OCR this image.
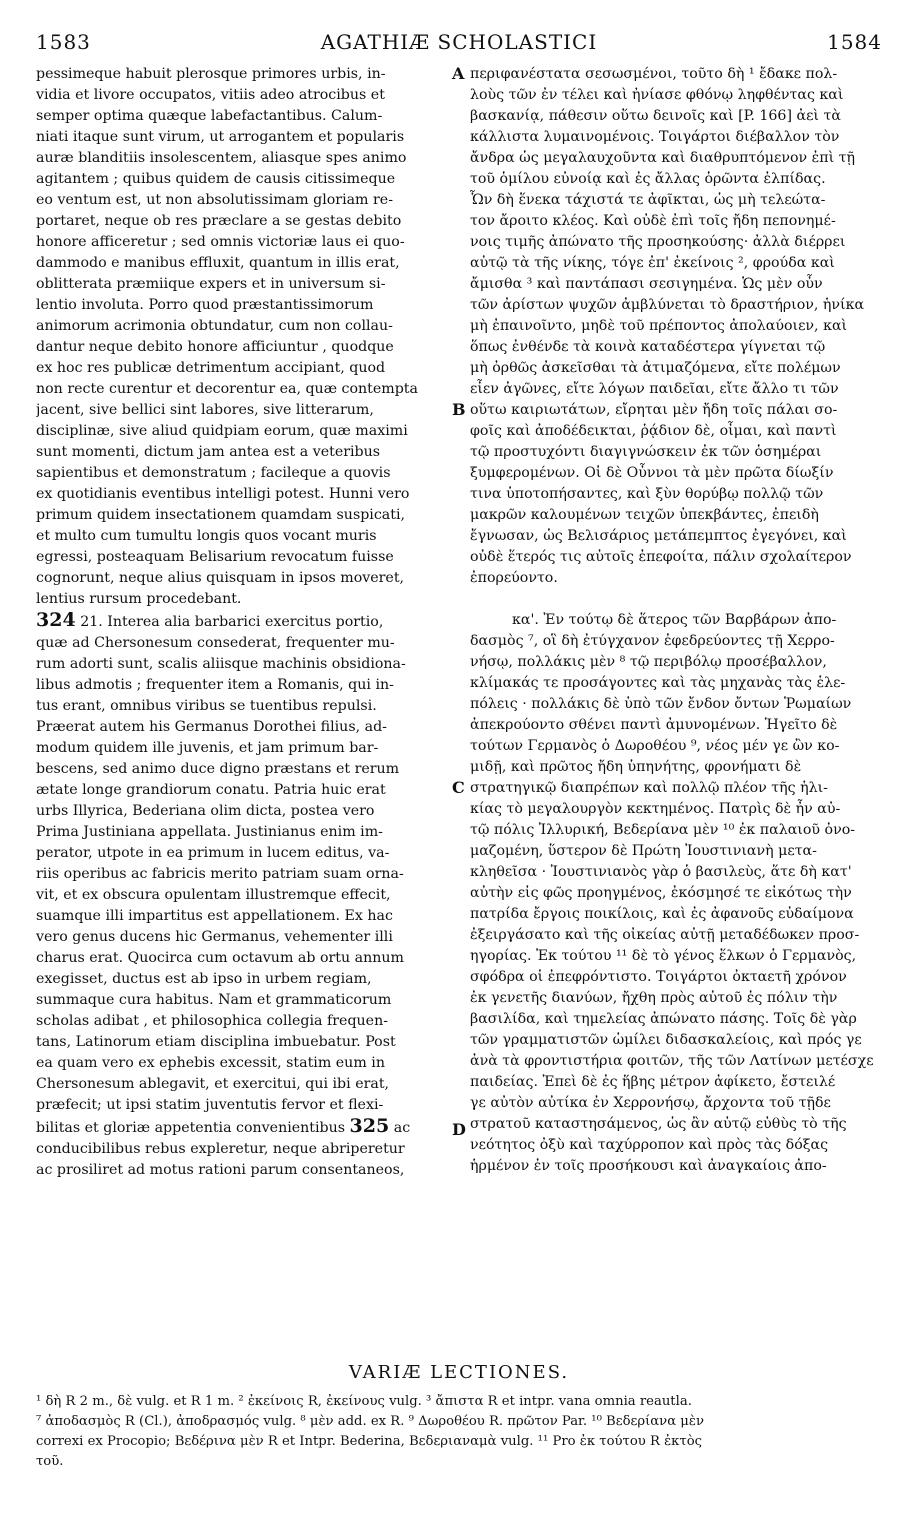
1583	AGATHIÆ SCHOLASTICI	1584
A
B
C
D
pessimeque habuit plerosque primores urbis, in-
vidia et livore occupatos, vitiis adeo atrocibus et
semper optima quæque labefactantibus. Calum-
niati itaque sunt virum, ut arrogantem et popularis
auræ blanditiis insolescentem, aliasque spes animo
agitantem ; quibus quidem de causis citissimeque
eo ventum est, ut non absolutissimam gloriam re-
portaret, neque ob res præclare a se gestas debito
honore afficeretur ; sed omnis victoriæ laus ei quo-
dammodo e manibus effluxit, quantum in illis erat,
oblitterata præmiique expers et in universum si-
lentio involuta. Porro quod præstantissimorum
animorum acrimonia obtundatur, cum non collau-
dantur neque debito honore afficiuntur , quodque
ex hoc res publicæ detrimentum accipiant, quod
non recte curentur et decorentur ea, quæ contempta
jacent, sive bellici sint labores, sive litterarum,
disciplinæ, sive aliud quidpiam eorum, quæ maximi
sunt momenti, dictum jam antea est a veteribus
sapientibus et demonstratum ; facileque a quovis
ex quotidianis eventibus intelligi potest. Hunni vero
primum quidem insectationem quamdam suspicati,
et multo cum tumultu longis quos vocant muris
egressi, posteaquam Belisarium revocatum fuisse
cognorunt, neque alius quisquam in ipsos moveret,
lentius rursum procedebant.
324 21. Interea alia barbarici exercitus portio,
quæ ad Chersonesum consederat, frequenter mu-
rum adorti sunt, scalis aliisque machinis obsidiona-
libus admotis ; frequenter item a Romanis, qui in-
tus erant, omnibus viribus se tuentibus repulsi.
Præerat autem his Germanus Dorothei filius, ad-
modum quidem ille juvenis, et jam primum bar-
bescens, sed animo duce digno præstans et rerum
ætate longe grandiorum conatu. Patria huic erat
urbs Illyrica, Bederiana olim dicta, postea vero
Prima Justiniana appellata. Justinianus enim im-
perator, utpote in ea primum in lucem editus, va-
riis operibus ac fabricis merito patriam suam orna-
vit, et ex obscura opulentam illustremque effecit,
suamque illi impartitus est appellationem. Ex hac
vero genus ducens hic Germanus, vehementer illi
charus erat. Quocirca cum octavum ab ortu annum
exegisset, ductus est ab ipso in urbem regiam,
summaque cura habitus. Nam et grammaticorum
scholas adibat , et philosophica collegia frequen-
tans, Latinorum etiam disciplina imbuebatur. Post
ea quam vero ex ephebis excessit, statim eum in
Chersonesum ablegavit, et exercitui, qui ibi erat,
præfecit; ut ipsi statim juventutis fervor et flexi-
bilitas et gloriæ appetentia convenientibus 325 ac
conducibilibus rebus expleretur, neque abriperetur
ac prosiliret ad motus rationi parum consentaneos,
περιφανέστατα σεσωσμένοι, τοῦτο δὴ ¹ ἔδακε πολ-
λοὺς τῶν ἐν τέλει καὶ ἠνίασε φθόνῳ ληφθέντας καὶ
βασκανίᾳ, πάθεσιν οὕτω δεινοῖς καὶ [P. 166] ἀεὶ τὰ
κάλλιστα λυμαινομένοις. Τοιγάρτοι διέβαλλον τὸν
ἄνδρα ὡς μεγαλαυχοῦντα καὶ διαθρυπτόμενον ἐπὶ τῇ
τοῦ ὁμίλου εὐνοίᾳ καὶ ἐς ἄλλας ὁρῶντα ἐλπίδας.
Ὧν δὴ ἕνεκα τάχιστά τε ἀφῖκται, ὡς μὴ τελεώτα-
τον ἄροιτο κλέος. Καὶ οὐδὲ ἐπὶ τοῖς ἤδη πεπονημέ-
νοις τιμῆς ἀπώνατο τῆς προσηκούσης· ἀλλὰ διέρρει
αὐτῷ τὰ τῆς νίκης, τόγε ἐπ' ἐκείνοις ², φρούδα καὶ
ἄμισθα ³ καὶ παντάπασι σεσιγημένα. Ὡς μὲν οὖν
τῶν ἀρίστων ψυχῶν ἀμβλύνεται τὸ δραστήριον, ἡνίκα
μὴ ἐπαινοῖντο, μηδὲ τοῦ πρέποντος ἀπολαύοιεν, καὶ
ὅπως ἐνθένδε τὰ κοινὰ καταδέστερα γίγνεται τῷ
μὴ ὀρθῶς ἀσκεῖσθαι τὰ ἀτιμαζόμενα, εἴτε πολέμων
εἶεν ἀγῶνες, εἴτε λόγων παιδεῖαι, εἴτε ἄλλο τι τῶν
οὕτω καιριωτάτων, εἴρηται μὲν ἤδη τοῖς πάλαι σο-
φοῖς καὶ ἀποδέδεικται, ῥᾴδιον δὲ, οἶμαι, καὶ παντὶ
τῷ προστυχόντι διαγιγνώσκειν ἐκ τῶν ὁσημέραι
ξυμφερομένων. Οἱ δὲ Οὖννοι τὰ μὲν πρῶτα δίωξίν
τινα ὑποτοπήσαντες, καὶ ξὺν θορύβῳ πολλῷ τῶν
μακρῶν καλουμένων τειχῶν ὑπεκβάντες, ἐπειδὴ
ἔγνωσαν, ὡς Βελισάριος μετάπεμπτος ἐγεγόνει, καὶ
οὐδὲ ἕτερός τις αὐτοῖς ἐπεφοίτα, πάλιν σχολαίτερον
ἐπορεύοντο.
κα'. Ἐν τούτῳ δὲ ἅτερος τῶν Βαρβάρων ἀπο-
δασμὸς ⁷, οἳ δὴ ἐτύγχανον ἐφεδρεύοντες τῇ Χερρο-
νήσῳ, πολλάκις μὲν ⁸ τῷ περιβόλῳ προσέβαλλον,
κλίμακάς τε προσάγοντες καὶ τὰς μηχανὰς τὰς ἑλε-
πόλεις · πολλάκις δὲ ὑπὸ τῶν ἔνδον ὄντων Ῥωμαίων
ἀπεκρούοντο σθένει παντὶ ἀμυνομένων. Ἡγεῖτο δὲ
τούτων Γερμανὸς ὁ Δωροθέου ⁹, νέος μέν γε ὢν κο-
μιδῇ, καὶ πρῶτος ἤδη ὑπηνήτης, φρονήματι δὲ
στρατηγικῷ διαπρέπων καὶ πολλῷ πλέον τῆς ἡλι-
κίας τὸ μεγαλουργὸν κεκτημένος. Πατρὶς δὲ ἦν αὐ-
τῷ πόλις Ἰλλυρική, Βεδερίανα μὲν ¹⁰ ἐκ παλαιοῦ ὀνο-
μαζομένη, ὕστερον δὲ Πρώτη Ἰουστινιανὴ μετα-
κληθεῖσα · Ἰουστινιανὸς γὰρ ὁ βασιλεὺς, ἅτε δὴ κατ'
αὐτὴν εἰς φῶς προηγμένος, ἐκόσμησέ τε εἰκότως τὴν
πατρίδα ἔργοις ποικίλοις, καὶ ἐς ἀφανοῦς εὐδαίμονα
ἐξειργάσατο καὶ τῆς οἰκείας αὐτῇ μεταδέδωκεν προσ-
ηγορίας. Ἐκ τούτου ¹¹ δὲ τὸ γένος ἕλκων ὁ Γερμανὸς,
σφόδρα οἱ ἐπεφρόντιστο. Τοιγάρτοι ὀκταετῆ χρόνον
ἐκ γενετῆς διανύων, ἤχθη πρὸς αὐτοῦ ἐς πόλιν τὴν
βασιλίδα, καὶ τημελείας ἀπώνατο πάσης. Τοῖς δὲ γὰρ
τῶν γραμματιστῶν ὡμίλει διδασκαλείοις, καὶ πρός γε
ἀνὰ τὰ φροντιστήρια φοιτῶν, τῆς τῶν Λατίνων μετέσχε
παιδείας. Ἐπεὶ δὲ ἐς ἥβης μέτρον ἀφίκετο, ἔστειλέ
γε αὐτὸν αὐτίκα ἐν Χερρονήσῳ, ἄρχοντα τοῦ τῇδε
στρατοῦ καταστησάμενος, ὡς ἂν αὐτῷ εὐθὺς τὸ τῆς
νεότητος ὀξὺ καὶ ταχύρροπον καὶ πρὸς τὰς δόξας
ἡρμένον ἐν τοῖς προσήκουσι καὶ ἀναγκαίοις ἀπο-
VARIÆ LECTIONES.
¹ δὴ R 2 m., δὲ vulg. et R 1 m. ² ἐκείνοις R, ἐκείνους vulg. ³ ἄπιστα R et intpr. vana omnia reautla.
⁷ ἀποδασμὸς R (Cl.), ἀποδρασμός vulg. ⁸ μὲν add. ex R. ⁹ Δωροθέου R. πρῶτον Par. ¹⁰ Βεδερίανα μὲν
correxi ex Procopio; Βεδέρινα μὲν R et Intpr. Bederina, Βεδεριαναμὰ vulg. ¹¹ Pro ἐκ τούτου R ἐκτὸς
τοῦ.
